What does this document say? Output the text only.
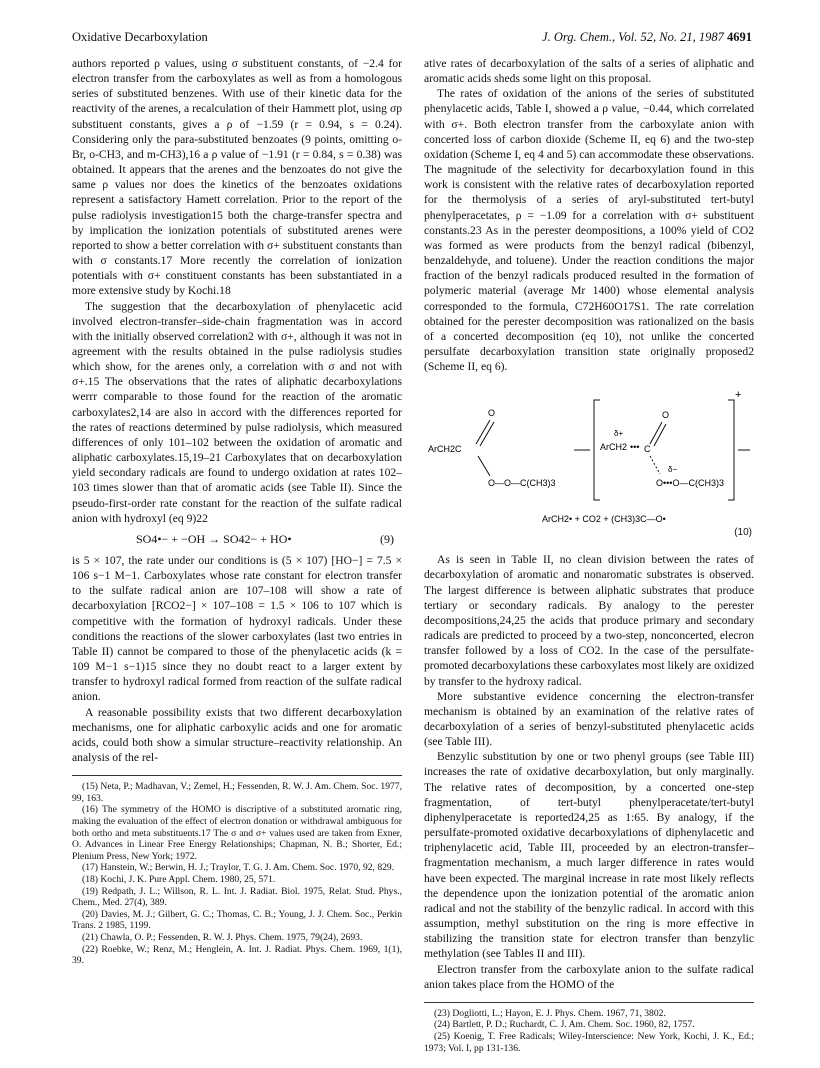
Oxidative Decarboxylation	J. Org. Chem., Vol. 52, No. 21, 1987 4691

authors reported ρ values, using σ substituent constants, of −2.4 for electron transfer from the carboxylates as well as from a homologous series of substituted benzenes. With use of their kinetic data for the reactivity of the arenes, a recalculation of their Hammett plot, using σp substituent constants, gives a ρ of −1.59 (r = 0.94, s = 0.24). Considering only the para-substituted benzoates (9 points, omitting o-Br, o-CH3, and m-CH3),16 a ρ value of −1.91 (r = 0.84, s = 0.38) was obtained. It appears that the arenes and the benzoates do not give the same ρ values nor does the kinetics of the benzoates oxidations represent a satisfactory Hamett correlation. Prior to the report of the pulse radiolysis investigation15 both the charge-transfer spectra and by implication the ionization potentials of substituted arenes were reported to show a better correlation with σ+ substituent constants than with σ constants.17 More recently the correlation of ionization potentials with σ+ constituent constants has been substantiated in a more extensive study by Kochi.18

The suggestion that the decarboxylation of phenylacetic acid involved electron-transfer–side-chain fragmentation was in accord with the initially observed correlation2 with σ+, although it was not in agreement with the results obtained in the pulse radiolysis studies which show, for the arenes only, a correlation with σ and not with σ+.15 The observations that the rates of aliphatic decarboxylations werrr comparable to those found for the reaction of the aromatic carboxylates2,14 are also in accord with the differences reported for the rates of reactions determined by pulse radiolysis, which measured differences of only 101–102 between the oxidation of aromatic and aliphatic carboxylates.15,19–21 Carboxylates that on decarboxylation yield secondary radicals are found to undergo oxidation at rates 102–103 times slower than that of aromatic acids (see Table II). Since the pseudo-first-order rate constant for the reaction of the sulfate radical anion with hydroxyl (eq 9)22

SO4•− + −OH → SO42− + HO•	(9)

is 5 × 107, the rate under our conditions is (5 × 107) [HO−] = 7.5 × 106 s−1 M−1. Carboxylates whose rate constant for electron transfer to the sulfate radical anion are 107–108 will show a rate of decarboxylation [RCO2−] × 107–108 = 1.5 × 106 to 107 which is competitive with the formation of hydroxyl radicals. Under these conditions the reactions of the slower carboxylates (last two entries in Table II) cannot be compared to those of the phenylacetic acids (k = 109 M−1 s−1)15 since they no doubt react to a larger extent by transfer to hydroxyl radical formed from reaction of the sulfate radical anion.

A reasonable possibility exists that two different decarboxylation mechanisms, one for aliphatic carboxylic acids and one for aromatic acids, could both show a simular structure–reactivity relationship. An analysis of the rel-

(15) Neta, P.; Madhavan, V.; Zemel, H.; Fessenden, R. W. J. Am. Chem. Soc. 1977, 99, 163.
(16) The symmetry of the HOMO is discriptive of a substituted aromatic ring, making the evaluation of the effect of electron donation or withdrawal ambiguous for both ortho and meta substituents.17 The σ and σ+ values used are taken from Exner, O. Advances in Linear Free Energy Relationships; Chapman, N. B.; Shorter, Ed.; Plenium Press, New York; 1972.
(17) Hanstein, W.; Berwin, H. J.; Traylor, T. G. J. Am. Chem. Soc. 1970, 92, 829.
(18) Kochi, J. K. Pure Appl. Chem. 1980, 25, 571.
(19) Redpath, J. L.; Willson, R. L. Int. J. Radiat. Biol. 1975, Relat. Stud. Phys., Chem., Med. 27(4), 389.
(20) Davies, M. J.; Gilbert, G. C.; Thomas, C. B.; Young, J. J. Chem. Soc., Perkin Trans. 2 1985, 1199.
(21) Chawla, O. P.; Fessenden, R. W. J. Phys. Chem. 1975, 79(24), 2693.
(22) Roebke, W.; Renz, M.; Henglein, A. Int. J. Radiat. Phys. Chem. 1969, 1(1), 39.

ative rates of decarboxylation of the salts of a series of aliphatic and aromatic acids sheds some light on this proposal.

The rates of oxidation of the anions of the series of substituted phenylacetic acids, Table I, showed a ρ value, −0.44, which correlated with σ+. Both electron transfer from the carboxylate anion with concerted loss of carbon dioxide (Scheme II, eq 6) and the two-step oxidation (Scheme I, eq 4 and 5) can accommodate these observations. The magnitude of the selectivity for decarboxylation found in this work is consistent with the relative rates of decarboxylation reported for the thermolysis of a series of aryl-substituted tert-butyl phenylperacetates, ρ = −1.09 for a correlation with σ+ substituent constants.23 As in the perester deompositions, a 100% yield of CO2 was formed as were products from the benzyl radical (bibenzyl, benzaldehyde, and toluene). Under the reaction conditions the major fraction of the benzyl radicals produced resulted in the formation of polymeric material (average Mr 1400) whose elemental analysis corresponded to the formula, C72H60O17S1. The rate correlation obtained for the perester decomposition was rationalized on the basis of a concerted decomposition (eq 10), not unlike the concerted persulfate decarboxylation transition state originally proposed2 (Scheme II, eq 6).

ArCH2C
O
O—O—C(CH3)3
+
δ+
ArCH2 ••• C
O
δ−
O•••O—C(CH3)3
ArCH2• + CO2 + (CH3)3C—O•
(10)

As is seen in Table II, no clean division between the rates of decarboxylation of aromatic and nonaromatic substrates is observed. The largest difference is between aliphatic substrates that produce tertiary or secondary radicals. By analogy to the perester decompositions,24,25 the acids that produce primary and secondary radicals are predicted to proceed by a two-step, nonconcerted, elecron transfer followed by a loss of CO2. In the case of the persulfate-promoted decarboxylations these carboxylates most likely are oxidized by transfer to the hydroxy radical.

More substantive evidence concerning the electron-transfer mechanism is obtained by an examination of the relative rates of decarboxylation of a series of benzyl-substituted phenylacetic acids (see Table III).

Benzylic substitution by one or two phenyl groups (see Table III) increases the rate of oxidative decarboxylation, but only marginally. The relative rates of decomposition, by a concerted one-step fragmentation, of tert-butyl phenylperacetate/tert-butyl diphenylperacetate is reported24,25 as 1:65. By analogy, if the persulfate-promoted oxidative decarboxylations of diphenylacetic and triphenylacetic acid, Table III, proceeded by an electron-transfer–fragmentation mechanism, a much larger difference in rates would have been expected. The marginal increase in rate most likely reflects the dependence upon the ionization potential of the aromatic anion radical and not the stability of the benzylic radical. In accord with this assumption, methyl substitution on the ring is more effective in stabilizing the transition state for electron transfer than benzylic methylation (see Tables II and III).

Electron transfer from the carboxylate anion to the sulfate radical anion takes place from the HOMO of the

(23) Dogliotti, L.; Hayon, E. J. Phys. Chem. 1967, 71, 3802.
(24) Bartlett, P. D.; Ruchardt, C. J. Am. Chem. Soc. 1960, 82, 1757.
(25) Koenig, T. Free Radicals; Wiley-Interscience: New York, Kochi, J. K., Ed.; 1973; Vol. I, pp 131-136.
